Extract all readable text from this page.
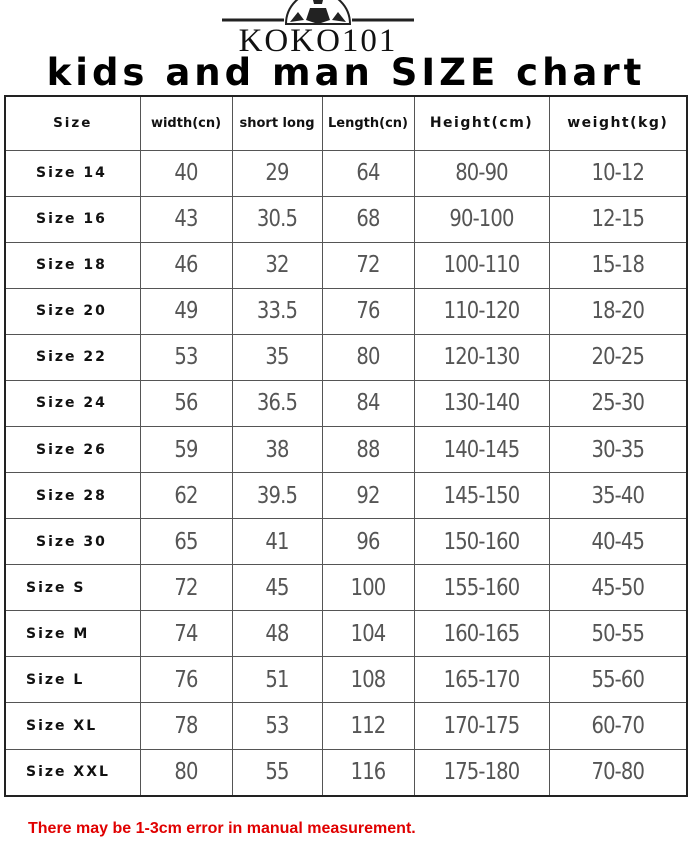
KOKO101
kids and man SIZE chart
Size	width(cn)	short long	Length(cn)	Height(cm)	weight(kg)
Size 14	40	29	64	80-90	10-12
Size 16	43	30.5	68	90-100	12-15
Size 18	46	32	72	100-110	15-18
Size 20	49	33.5	76	110-120	18-20
Size 22	53	35	80	120-130	20-25
Size 24	56	36.5	84	130-140	25-30
Size 26	59	38	88	140-145	30-35
Size 28	62	39.5	92	145-150	35-40
Size 30	65	41	96	150-160	40-45
Size S	72	45	100	155-160	45-50
Size M	74	48	104	160-165	50-55
Size L	76	51	108	165-170	55-60
Size XL	78	53	112	170-175	60-70
Size XXL	80	55	116	175-180	70-80
There may be 1-3cm error in manual measurement.
